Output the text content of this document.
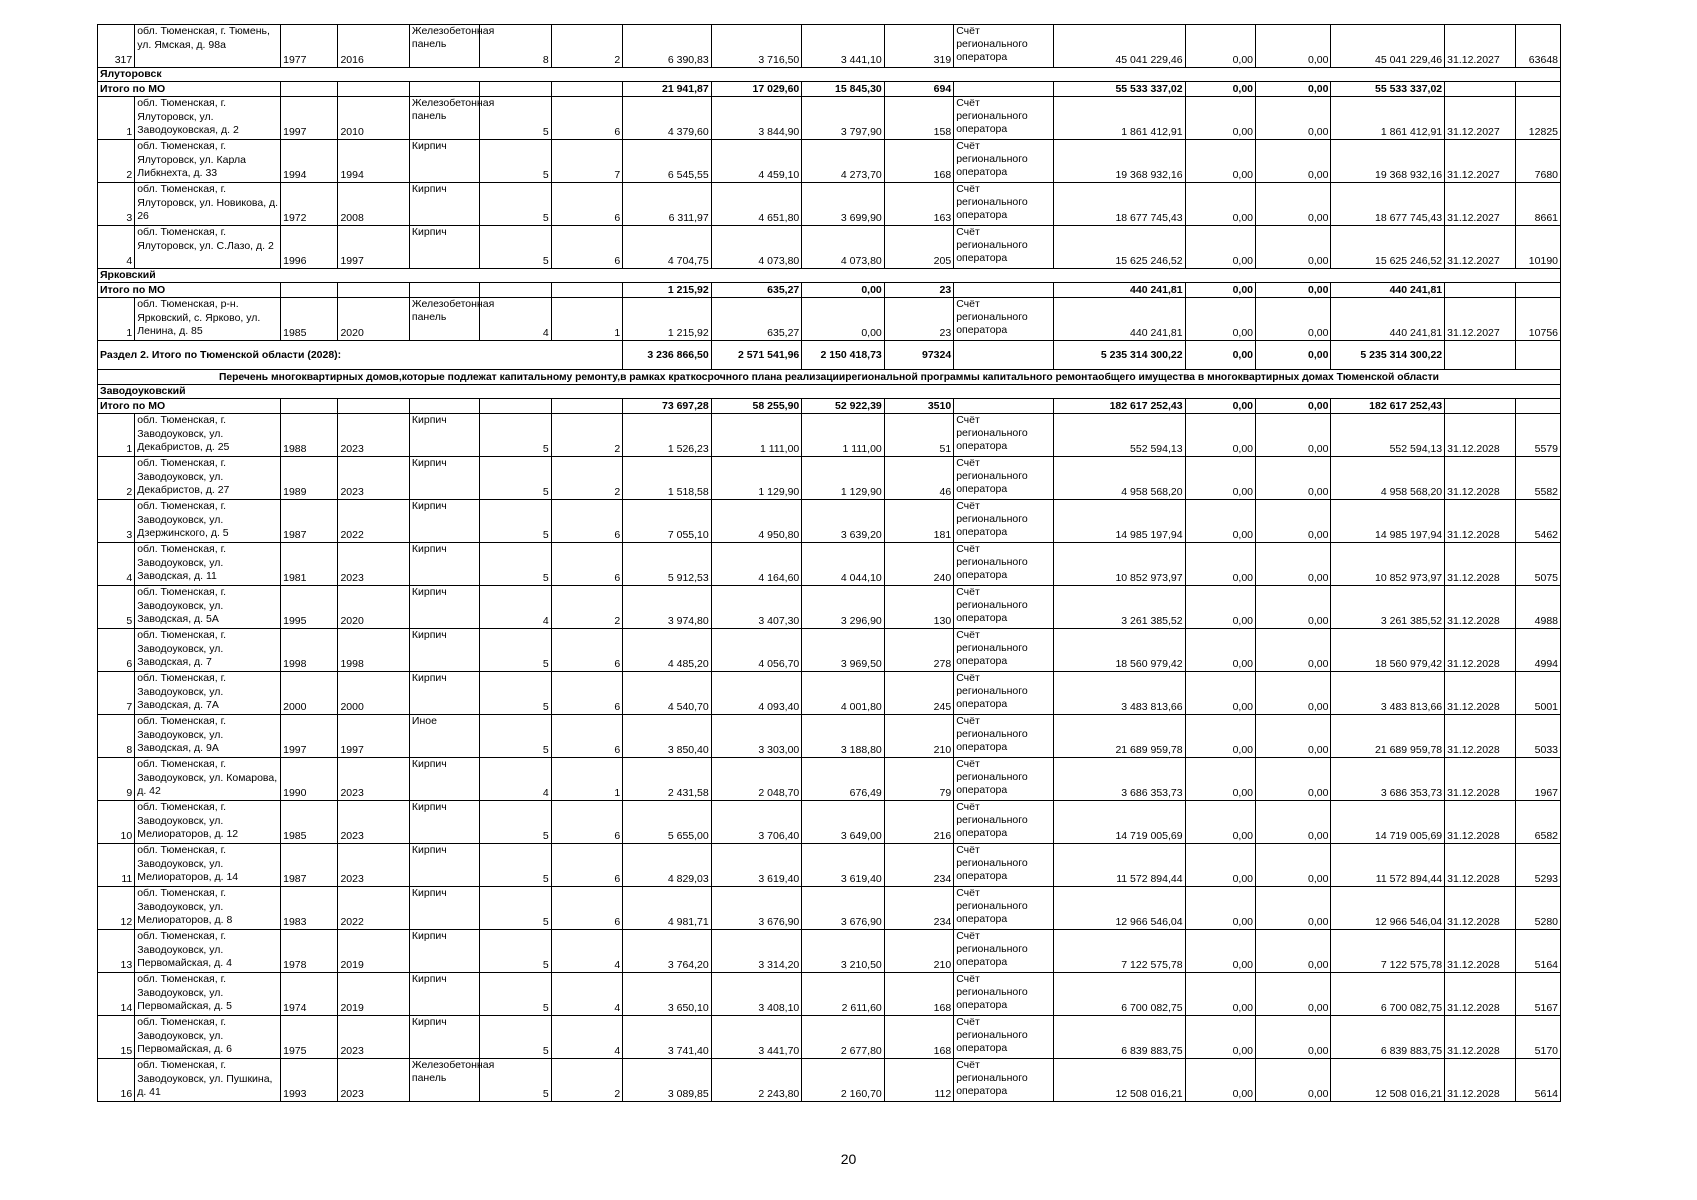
317	обл. Тюменская, г. Тюмень, ул. Ямская, д. 98а	1977	2016	Железобетонная панель	8	2	6 390,83	3 716,50	3 441,10	319	Счёт регионального оператора	45 041 229,46	0,00	0,00	45 041 229,46	31.12.2027	63648
Ялуторовск																	
Итого по МО							21 941,87	17 029,60	15 845,30	694		55 533 337,02	0,00	0,00	55 533 337,02		
1	обл. Тюменская, г. Ялуторовск, ул. Заводоуковская, д. 2	1997	2010	Железобетонная панель	5	6	4 379,60	3 844,90	3 797,90	158	Счёт регионального оператора	1 861 412,91	0,00	0,00	1 861 412,91	31.12.2027	12825
2	обл. Тюменская, г. Ялуторовск, ул. Карла Либкнехта, д. 33	1994	1994	Кирпич	5	7	6 545,55	4 459,10	4 273,70	168	Счёт регионального оператора	19 368 932,16	0,00	0,00	19 368 932,16	31.12.2027	7680
3	обл. Тюменская, г. Ялуторовск, ул. Новикова, д. 26	1972	2008	Кирпич	5	6	6 311,97	4 651,80	3 699,90	163	Счёт регионального оператора	18 677 745,43	0,00	0,00	18 677 745,43	31.12.2027	8661
4	обл. Тюменская, г. Ялуторовск, ул. С.Лазо, д. 2	1996	1997	Кирпич	5	6	4 704,75	4 073,80	4 073,80	205	Счёт регионального оператора	15 625 246,52	0,00	0,00	15 625 246,52	31.12.2027	10190
Ярковский																	
Итого по МО							1 215,92	635,27	0,00	23		440 241,81	0,00	0,00	440 241,81		
1	обл. Тюменская, р-н. Ярковский, с. Ярково, ул. Ленина, д. 85	1985	2020	Железобетонная панель	4	1	1 215,92	635,27	0,00	23	Счёт регионального оператора	440 241,81	0,00	0,00	440 241,81	31.12.2027	10756
Раздел 2. Итого по Тюменской области (2028):							3 236 866,50	2 571 541,96	2 150 418,73	97324		5 235 314 300,22	0,00	0,00	5 235 314 300,22		
Перечень многоквартирных домов,которые подлежат капитальному ремонту,в рамках краткосрочного плана реализациирегиональной программы капитального ремонтаобщего имущества в многоквартирных домах Тюменской области																	
Заводоуковский																	
Итого по МО							73 697,28	58 255,90	52 922,39	3510		182 617 252,43	0,00	0,00	182 617 252,43		
1	обл. Тюменская, г. Заводоуковск, ул. Декабристов, д. 25	1988	2023	Кирпич	5	2	1 526,23	1 111,00	1 111,00	51	Счёт регионального оператора	552 594,13	0,00	0,00	552 594,13	31.12.2028	5579
2	обл. Тюменская, г. Заводоуковск, ул. Декабристов, д. 27	1989	2023	Кирпич	5	2	1 518,58	1 129,90	1 129,90	46	Счёт регионального оператора	4 958 568,20	0,00	0,00	4 958 568,20	31.12.2028	5582
3	обл. Тюменская, г. Заводоуковск, ул. Дзержинского, д. 5	1987	2022	Кирпич	5	6	7 055,10	4 950,80	3 639,20	181	Счёт регионального оператора	14 985 197,94	0,00	0,00	14 985 197,94	31.12.2028	5462
4	обл. Тюменская, г. Заводоуковск, ул. Заводская, д. 11	1981	2023	Кирпич	5	6	5 912,53	4 164,60	4 044,10	240	Счёт регионального оператора	10 852 973,97	0,00	0,00	10 852 973,97	31.12.2028	5075
5	обл. Тюменская, г. Заводоуковск, ул. Заводская, д. 5А	1995	2020	Кирпич	4	2	3 974,80	3 407,30	3 296,90	130	Счёт регионального оператора	3 261 385,52	0,00	0,00	3 261 385,52	31.12.2028	4988
6	обл. Тюменская, г. Заводоуковск, ул. Заводская, д. 7	1998	1998	Кирпич	5	6	4 485,20	4 056,70	3 969,50	278	Счёт регионального оператора	18 560 979,42	0,00	0,00	18 560 979,42	31.12.2028	4994
7	обл. Тюменская, г. Заводоуковск, ул. Заводская, д. 7А	2000	2000	Кирпич	5	6	4 540,70	4 093,40	4 001,80	245	Счёт регионального оператора	3 483 813,66	0,00	0,00	3 483 813,66	31.12.2028	5001
8	обл. Тюменская, г. Заводоуковск, ул. Заводская, д. 9А	1997	1997	Иное	5	6	3 850,40	3 303,00	3 188,80	210	Счёт регионального оператора	21 689 959,78	0,00	0,00	21 689 959,78	31.12.2028	5033
9	обл. Тюменская, г. Заводоуковск, ул. Комарова, д. 42	1990	2023	Кирпич	4	1	2 431,58	2 048,70	676,49	79	Счёт регионального оператора	3 686 353,73	0,00	0,00	3 686 353,73	31.12.2028	1967
10	обл. Тюменская, г. Заводоуковск, ул. Мелиораторов, д. 12	1985	2023	Кирпич	5	6	5 655,00	3 706,40	3 649,00	216	Счёт регионального оператора	14 719 005,69	0,00	0,00	14 719 005,69	31.12.2028	6582
11	обл. Тюменская, г. Заводоуковск, ул. Мелиораторов, д. 14	1987	2023	Кирпич	5	6	4 829,03	3 619,40	3 619,40	234	Счёт регионального оператора	11 572 894,44	0,00	0,00	11 572 894,44	31.12.2028	5293
12	обл. Тюменская, г. Заводоуковск, ул. Мелиораторов, д. 8	1983	2022	Кирпич	5	6	4 981,71	3 676,90	3 676,90	234	Счёт регионального оператора	12 966 546,04	0,00	0,00	12 966 546,04	31.12.2028	5280
13	обл. Тюменская, г. Заводоуковск, ул. Первомайская, д. 4	1978	2019	Кирпич	5	4	3 764,20	3 314,20	3 210,50	210	Счёт регионального оператора	7 122 575,78	0,00	0,00	7 122 575,78	31.12.2028	5164
14	обл. Тюменская, г. Заводоуковск, ул. Первомайская, д. 5	1974	2019	Кирпич	5	4	3 650,10	3 408,10	2 611,60	168	Счёт регионального оператора	6 700 082,75	0,00	0,00	6 700 082,75	31.12.2028	5167
15	обл. Тюменская, г. Заводоуковск, ул. Первомайская, д. 6	1975	2023	Кирпич	5	4	3 741,40	3 441,70	2 677,80	168	Счёт регионального оператора	6 839 883,75	0,00	0,00	6 839 883,75	31.12.2028	5170
16	обл. Тюменская, г. Заводоуковск, ул. Пушкина, д. 41	1993	2023	Железобетонная панель	5	2	3 089,85	2 243,80	2 160,70	112	Счёт регионального оператора	12 508 016,21	0,00	0,00	12 508 016,21	31.12.2028	5614
20
